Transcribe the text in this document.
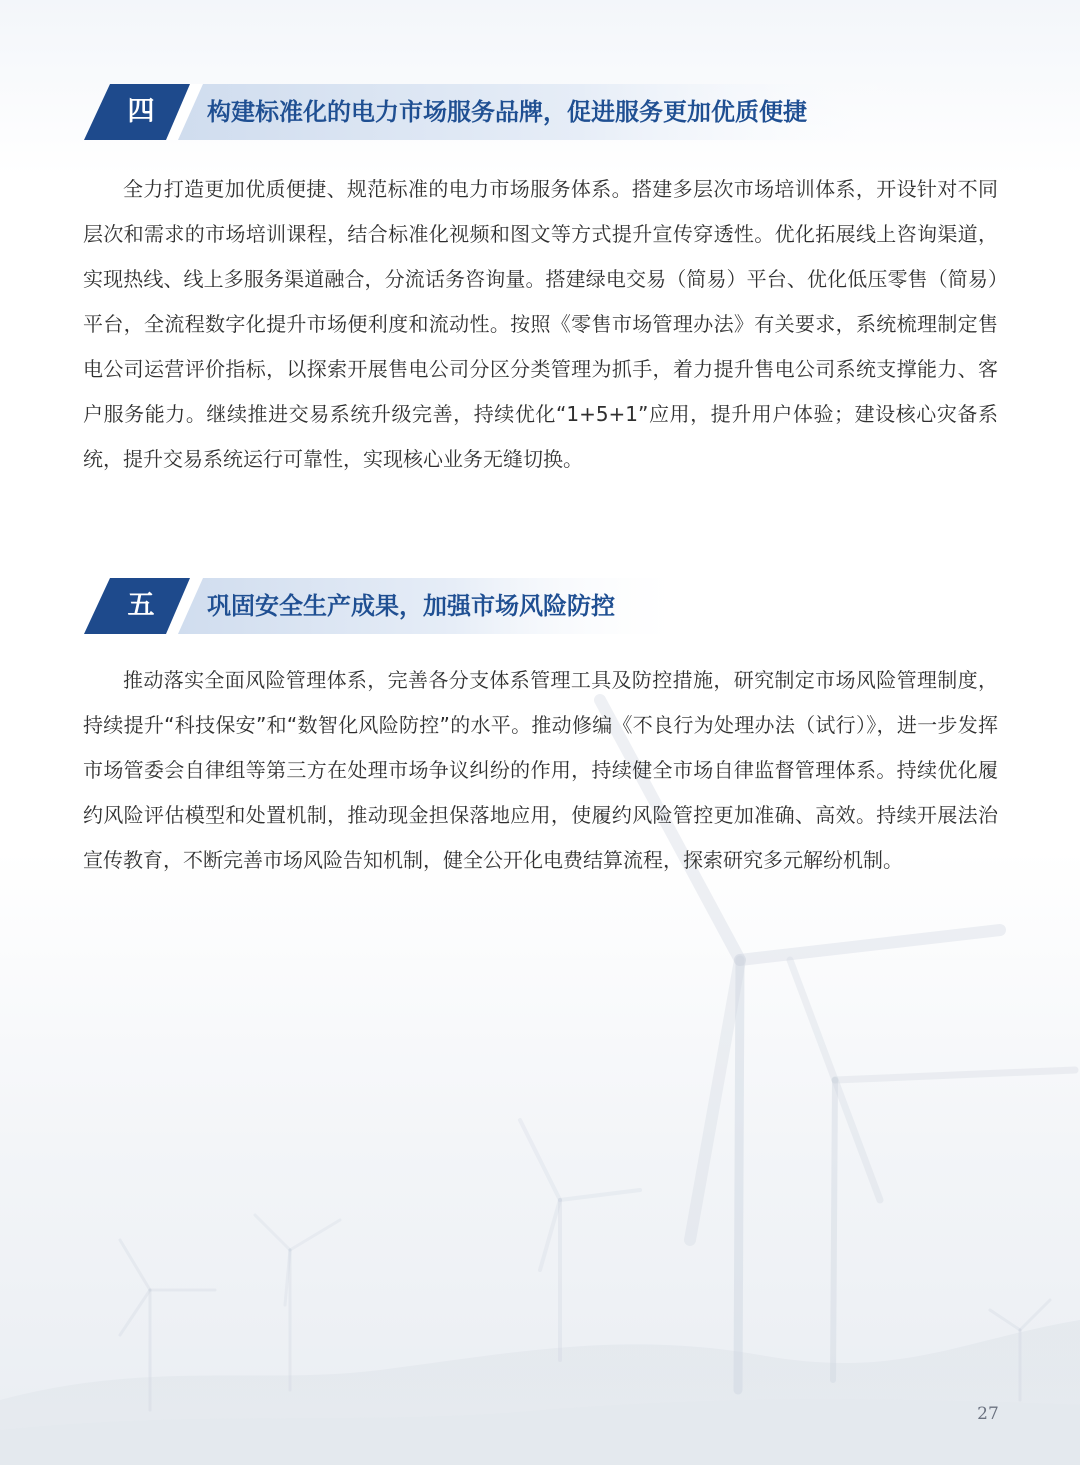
四	构建标准化的电力市场服务品牌，促进服务更加优质便捷

全力打造更加优质便捷、规范标准的电力市场服务体系。搭建多层次市场培训体系，开设针对不同层次和需求的市场培训课程，结合标准化视频和图文等方式提升宣传穿透性。优化拓展线上咨询渠道，实现热线、线上多服务渠道融合，分流话务咨询量。搭建绿电交易（简易）平台、优化低压零售（简易）平台，全流程数字化提升市场便利度和流动性。按照《零售市场管理办法》有关要求，系统梳理制定售电公司运营评价指标，以探索开展售电公司分区分类管理为抓手，着力提升售电公司系统支撑能力、客户服务能力。继续推进交易系统升级完善，持续优化“1+5+1”应用，提升用户体验；建设核心灾备系统，提升交易系统运行可靠性，实现核心业务无缝切换。

五	巩固安全生产成果，加强市场风险防控

推动落实全面风险管理体系，完善各分支体系管理工具及防控措施，研究制定市场风险管理制度，持续提升“科技保安”和“数智化风险防控”的水平。推动修编《不良行为处理办法（试行）》，进一步发挥市场管委会自律组等第三方在处理市场争议纠纷的作用，持续健全市场自律监督管理体系。持续优化履约风险评估模型和处置机制，推动现金担保落地应用，使履约风险管控更加准确、高效。持续开展法治宣传教育，不断完善市场风险告知机制，健全公开化电费结算流程，探索研究多元解纷机制。

27
